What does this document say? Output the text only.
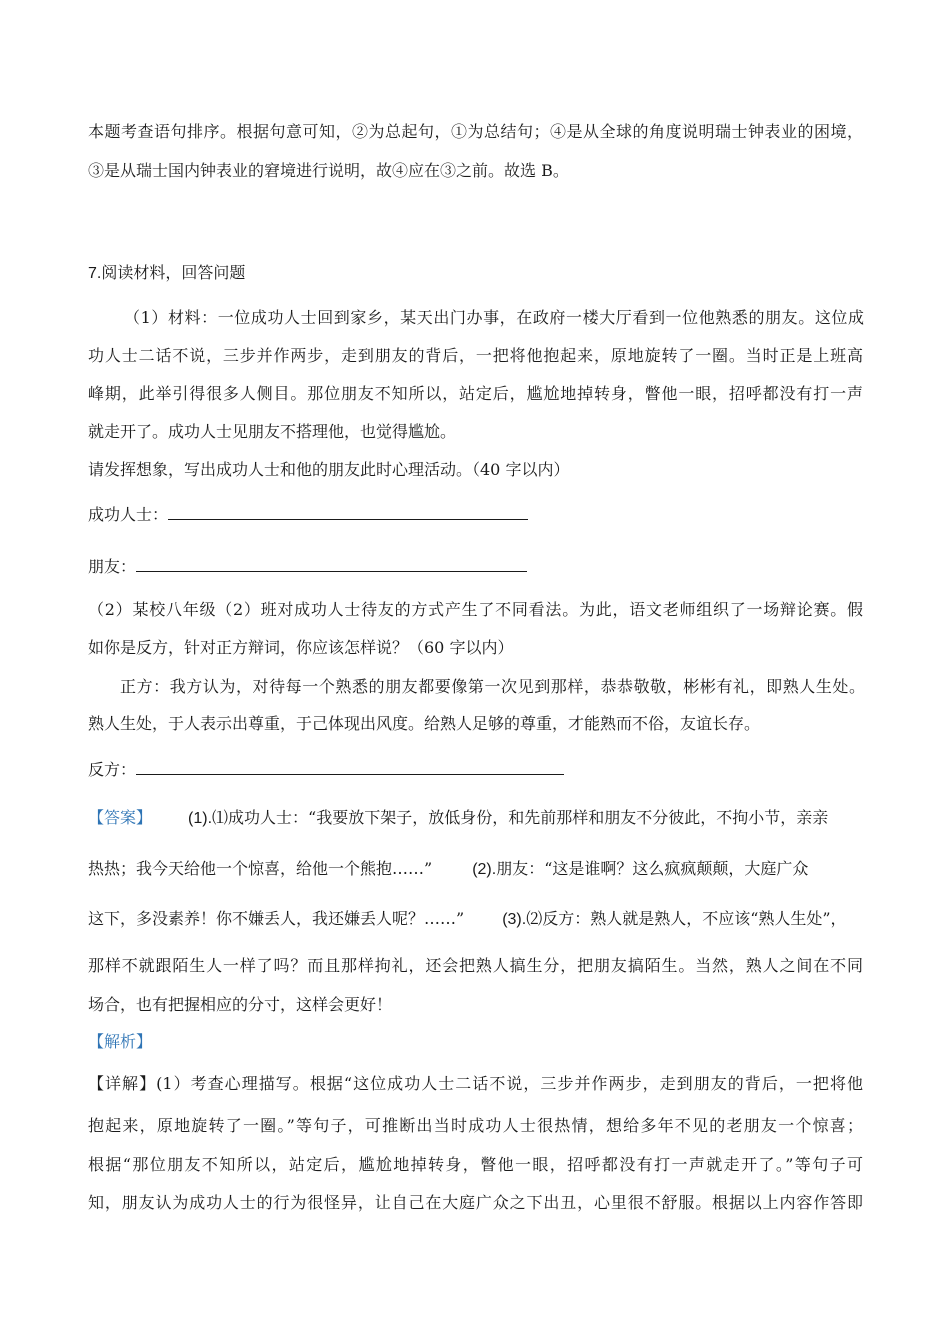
本题考查语句排序。根据句意可知，②为总起句，①为总结句；④是从全球的角度说明瑞士钟表业的困境，
③是从瑞士国内钟表业的窘境进行说明，故④应在③之前。故选 B。
7.阅读材料，回答问题
（1）材料：一位成功人士回到家乡，某天出门办事，在政府一楼大厅看到一位他熟悉的朋友。这位成
功人士二话不说，三步并作两步，走到朋友的背后，一把将他抱起来，原地旋转了一圈。当时正是上班高
峰期，此举引得很多人侧目。那位朋友不知所以，站定后，尴尬地掉转身，瞥他一眼，招呼都没有打一声
就走开了。成功人士见朋友不搭理他，也觉得尴尬。
请发挥想象，写出成功人士和他的朋友此时心理活动。（40 字以内）
成功人士：
朋友：
（2）某校八年级（2）班对成功人士待友的方式产生了不同看法。为此，语文老师组织了一场辩论赛。假
如你是反方，针对正方辩词，你应该怎样说？（60 字以内）
正方：我方认为，对待每一个熟悉的朋友都要像第一次见到那样，恭恭敬敬，彬彬有礼，即熟人生处。
熟人生处，于人表示出尊重，于己体现出风度。给熟人足够的尊重，才能熟而不俗，友谊长存。
反方：
【答案】 (1).⑴成功人士：“我要放下架子，放低身份，和先前那样和朋友不分彼此，不拘小节，亲亲
热热；我今天给他一个惊喜，给他一个熊抱……”	(2).朋友：“这是谁啊？这么疯疯颠颠，大庭广众
这下，多没素养！你不嫌丢人，我还嫌丢人呢？……” (3).⑵反方：熟人就是熟人，不应该“熟人生处”，
那样不就跟陌生人一样了吗？而且那样拘礼，还会把熟人搞生分，把朋友搞陌生。当然，熟人之间在不同
场合，也有把握相应的分寸，这样会更好！
【解析】
【详解】(1）考查心理描写。根据“这位成功人士二话不说，三步并作两步，走到朋友的背后，一把将他
抱起来，原地旋转了一圈。”等句子，可推断出当时成功人士很热情，想给多年不见的老朋友一个惊喜；
根据“那位朋友不知所以，站定后，尴尬地掉转身，瞥他一眼，招呼都没有打一声就走开了。”等句子可
知，朋友认为成功人士的行为很怪异，让自己在大庭广众之下出丑，心里很不舒服。根据以上内容作答即
